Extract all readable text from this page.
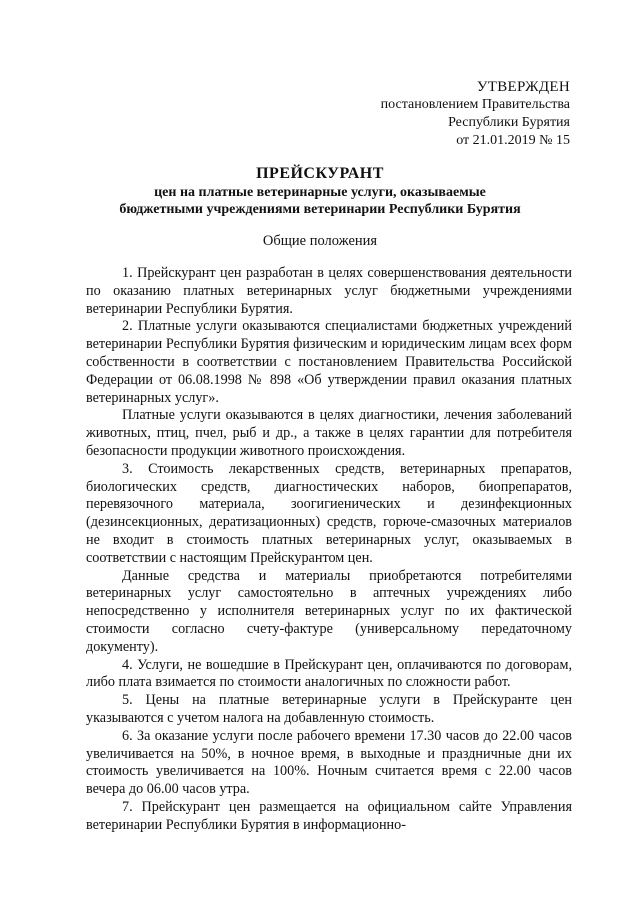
УТВЕРЖДЕН
постановлением Правительства
Республики Бурятия
от 21.01.2019 № 15
ПРЕЙСКУРАНТ
цен на платные ветеринарные услуги, оказываемые
бюджетными учреждениями ветеринарии Республики Бурятия
Общие положения

1. Прейскурант цен разработан в целях совершенствования деятельности по оказанию платных ветеринарных услуг бюджетными учреждениями ветеринарии Республики Бурятия.

2. Платные услуги оказываются специалистами бюджетных учреждений ветеринарии Республики Бурятия физическим и юридическим лицам всех форм собственности в соответствии с постановлением Правительства Российской Федерации от 06.08.1998 № 898 «Об утверждении правил оказания платных ветеринарных услуг».

Платные услуги оказываются в целях диагностики, лечения заболеваний животных, птиц, пчел, рыб и др., а также в целях гарантии для потребителя безопасности продукции животного происхождения.

3. Стоимость лекарственных средств, ветеринарных препаратов, биологических средств, диагностических наборов, биопрепаратов, перевязочного материала, зоогигиенических и дезинфекционных (дезинсекционных, дератизационных) средств, горюче-смазочных материалов не входит в стоимость платных ветеринарных услуг, оказываемых в соответствии с настоящим Прейскурантом цен.

Данные средства и материалы приобретаются потребителями ветеринарных услуг самостоятельно в аптечных учреждениях либо непосредственно у исполнителя ветеринарных услуг по их фактической стоимости согласно счету-фактуре (универсальному передаточному документу).

4. Услуги, не вошедшие в Прейскурант цен, оплачиваются по договорам, либо плата взимается по стоимости аналогичных по сложности работ.

5. Цены на платные ветеринарные услуги в Прейскуранте цен указываются с учетом налога на добавленную стоимость.

6. За оказание услуги после рабочего времени 17.30 часов до 22.00 часов увеличивается на 50%, в ночное время, в выходные и праздничные дни их стоимость увеличивается на 100%. Ночным считается время с 22.00 часов вечера до 06.00 часов утра.

7. Прейскурант цен размещается на официальном сайте Управления ветеринарии Республики Бурятия в информационно-
